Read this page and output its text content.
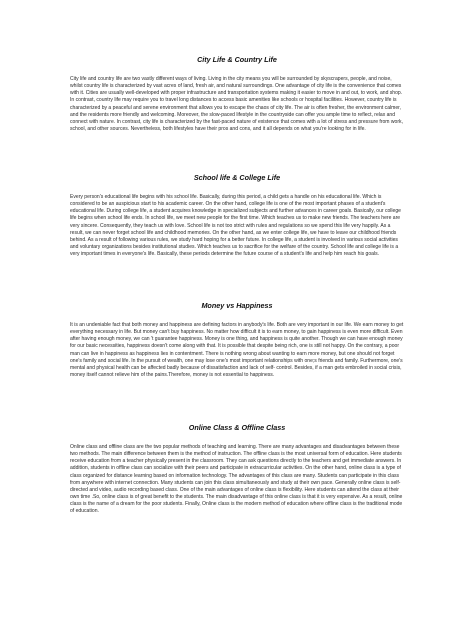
City Life & Country Life

City life and country life are two vastly different ways of living. Living in the city means you will be surrounded by skyscrapers, people, and noise, whilst country life is characterized by vast acres of land, fresh air, and natural surroundings. One advantage of city life is the convenience that comes with it. Cities are usually well-developed with proper infrastructure and transportation systems making it easier to move in and out, to work, and shop. In contrast, country life may require you to travel long distances to access basic amenities like schools or hospital facilities. However, country life is characterized by a peaceful and serene environment that allows you to escape the chaos of city life. The air is often fresher, the environment calmer, and the residents more friendly and welcoming. Moreover, the slow-paced lifestyle in the countryside can offer you ample time to reflect, relax and connect with nature. In contrast, city life is characterized by the fast-paced nature of existence that comes with a lot of stress and pressure from work, school, and other sources. Nevertheless, both lifestyles have their pros and cons, and it all depends on what you're looking for in life.

School life & College Life

Every person's educational life begins with his school life. Basically, during this period, a child gets a handle on his educational life. Which is considered to be an auspicious start to his academic career. On the other hand, college life is one of the most important phases of a student's educational life. During college life, a student acquires knowledge in specialized subjects and further advances in career goals. Basically, our college life begins when school life ends. In school life, we meet new people for the first time. Which teaches us to make new friends. The teachers here are very sincere. Consequently, they teach us with love. School life is not too strict with rules and regulations so we spend this life very happily. As a result, we can never forget school life and childhood memories. On the other hand, as we enter college life, we have to leave our childhood friends behind. As a result of following various rules, we study hard hoping for a better future. In college life, a student is involved in various social activities and voluntary organizations besides institutional studies. Which teaches us to sacrifice for the welfare of the country. School life and college life is a very important times in everyone's life. Basically, these periods determine the future course of a student's life and help him reach his goals.

Money vs Happiness

It is an undeniable fact that both money and happiness are defining factors in anybody's life. Both are very important in our life. We earn money to get everything necessary in life. But money can't buy happiness. No matter how difficult it is to earn money, to gain happiness is even more difficult. Even after having enough money, we can 't guarantee happiness. Money is one thing, and happiness is quite another. Though we can have enough money for our basic necessities, happiness doesn't come along with that. It is possible that despite being rich, one is still not happy. On the contrary, a poor man can live in happiness as happiness lies in contentment. There is nothing wrong about wanting to earn more money, but one should not forget one's family and social life. In the pursuit of wealth, one may lose one's most important relationships with one;s friends and family. Furthermore, one's mental and physical health can be affected badly because of dissatisfaction and lack of self- control. Besides, if a man gets embroiled in social crisis, money itself cannot relieve him of the pains.Therefore, money is not essential to happiness.

Online Class & Offline Class

Online class and offline class are the two popular methods of teaching and learning. There are many advantages and disadvantages between these two methods. The main difference between them is the method of instruction. The offline class is the most universal form of education. Here students receive education from a teacher physically present in the classroom. They can ask questions directly to the teachers and get immediate answers. In addition, students in offline class can socialize with their peers and participate in extracurricular activities. On the other hand, online class is a type of class organized for distance learning based on information technology. The advantages of this class are many. Students can participate in this class from anywhere with internet connection. Many students can join this class simultaneously and study at their own pace. Generally online class is self- directed and video, audio recording based class. One of the main advantages of online class is flexibility. Here students can attend the class at their own time .So, online class is of great benefit to the students. The main disadvantage of this online class is that it is very expensive. As a result, online class is the name of a dream for the poor students. Finally, Online class is the modern method of education where offline class is the traditional mode of education.
